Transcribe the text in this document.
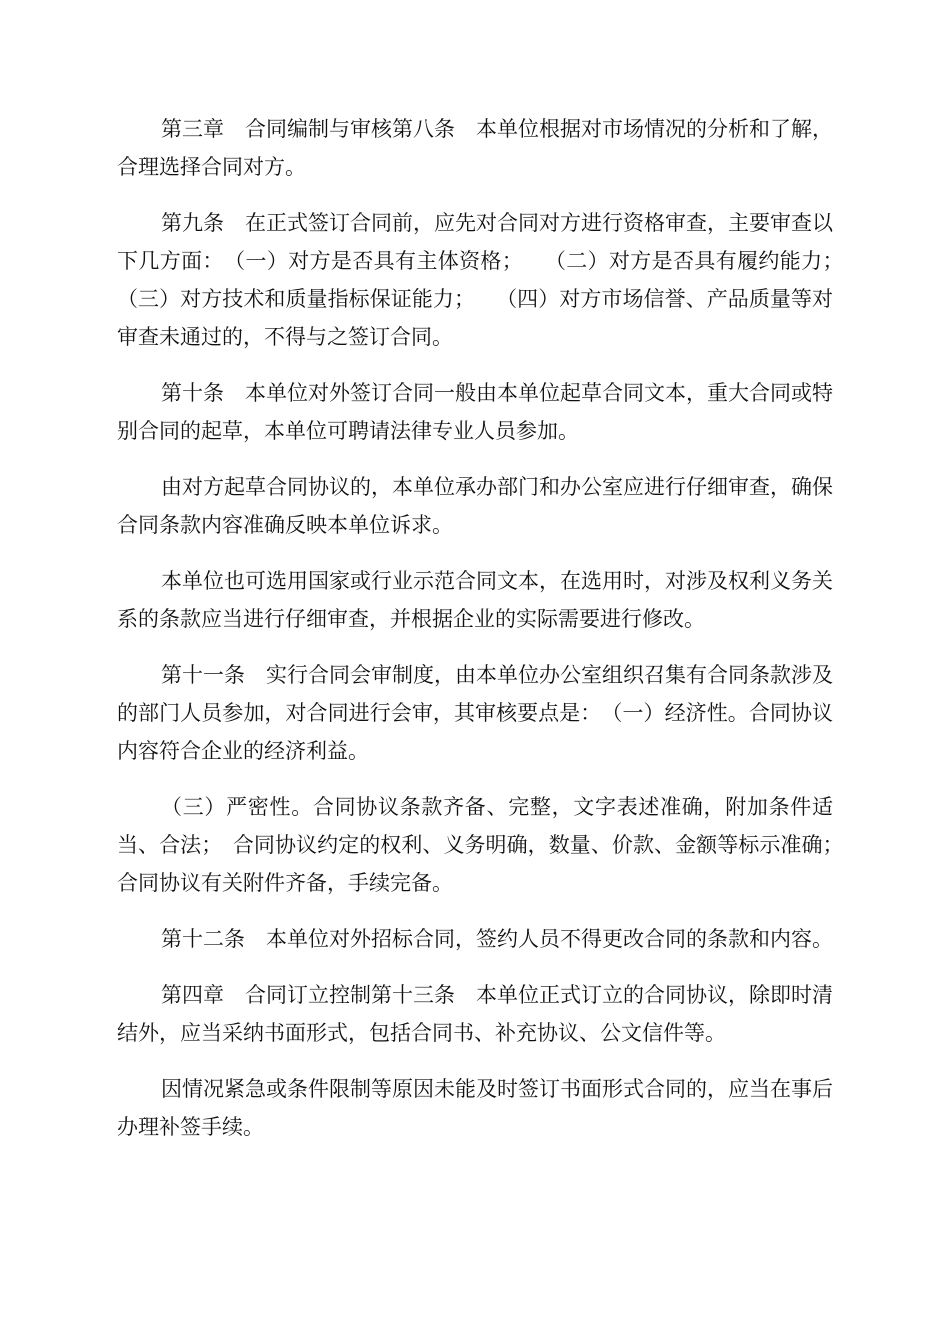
第三章　合同编制与审核第八条　本单位根据对市场情况的分析和了解，合理选择合同对方。

第九条　在正式签订合同前，应先对合同对方进行资格审查，主要审查以下几方面：　（一）对方是否具有主体资格；　　（二）对方是否具有履约能力；　　（三）对方技术和质量指标保证能力；　　（四）对方市场信誉、产品质量等对审查未通过的，不得与之签订合同。

第十条　本单位对外签订合同一般由本单位起草合同文本，重大合同或特别合同的起草，本单位可聘请法律专业人员参加。

由对方起草合同协议的，本单位承办部门和办公室应进行仔细审查，确保合同条款内容准确反映本单位诉求。

本单位也可选用国家或行业示范合同文本，在选用时，对涉及权利义务关系的条款应当进行仔细审查，并根据企业的实际需要进行修改。

第十一条　实行合同会审制度，由本单位办公室组织召集有合同条款涉及的部门人员参加，对合同进行会审，其审核要点是：　（一）经济性。合同协议内容符合企业的经济利益。

（三）严密性。合同协议条款齐备、完整，文字表述准确，附加条件适当、合法；　合同协议约定的权利、义务明确，数量、价款、金额等标示准确；　合同协议有关附件齐备，手续完备。

第十二条　本单位对外招标合同，签约人员不得更改合同的条款和内容。

第四章　合同订立控制第十三条　本单位正式订立的合同协议，除即时清结外，应当采纳书面形式，包括合同书、补充协议、公文信件等。

因情况紧急或条件限制等原因未能及时签订书面形式合同的，应当在事后办理补签手续。
